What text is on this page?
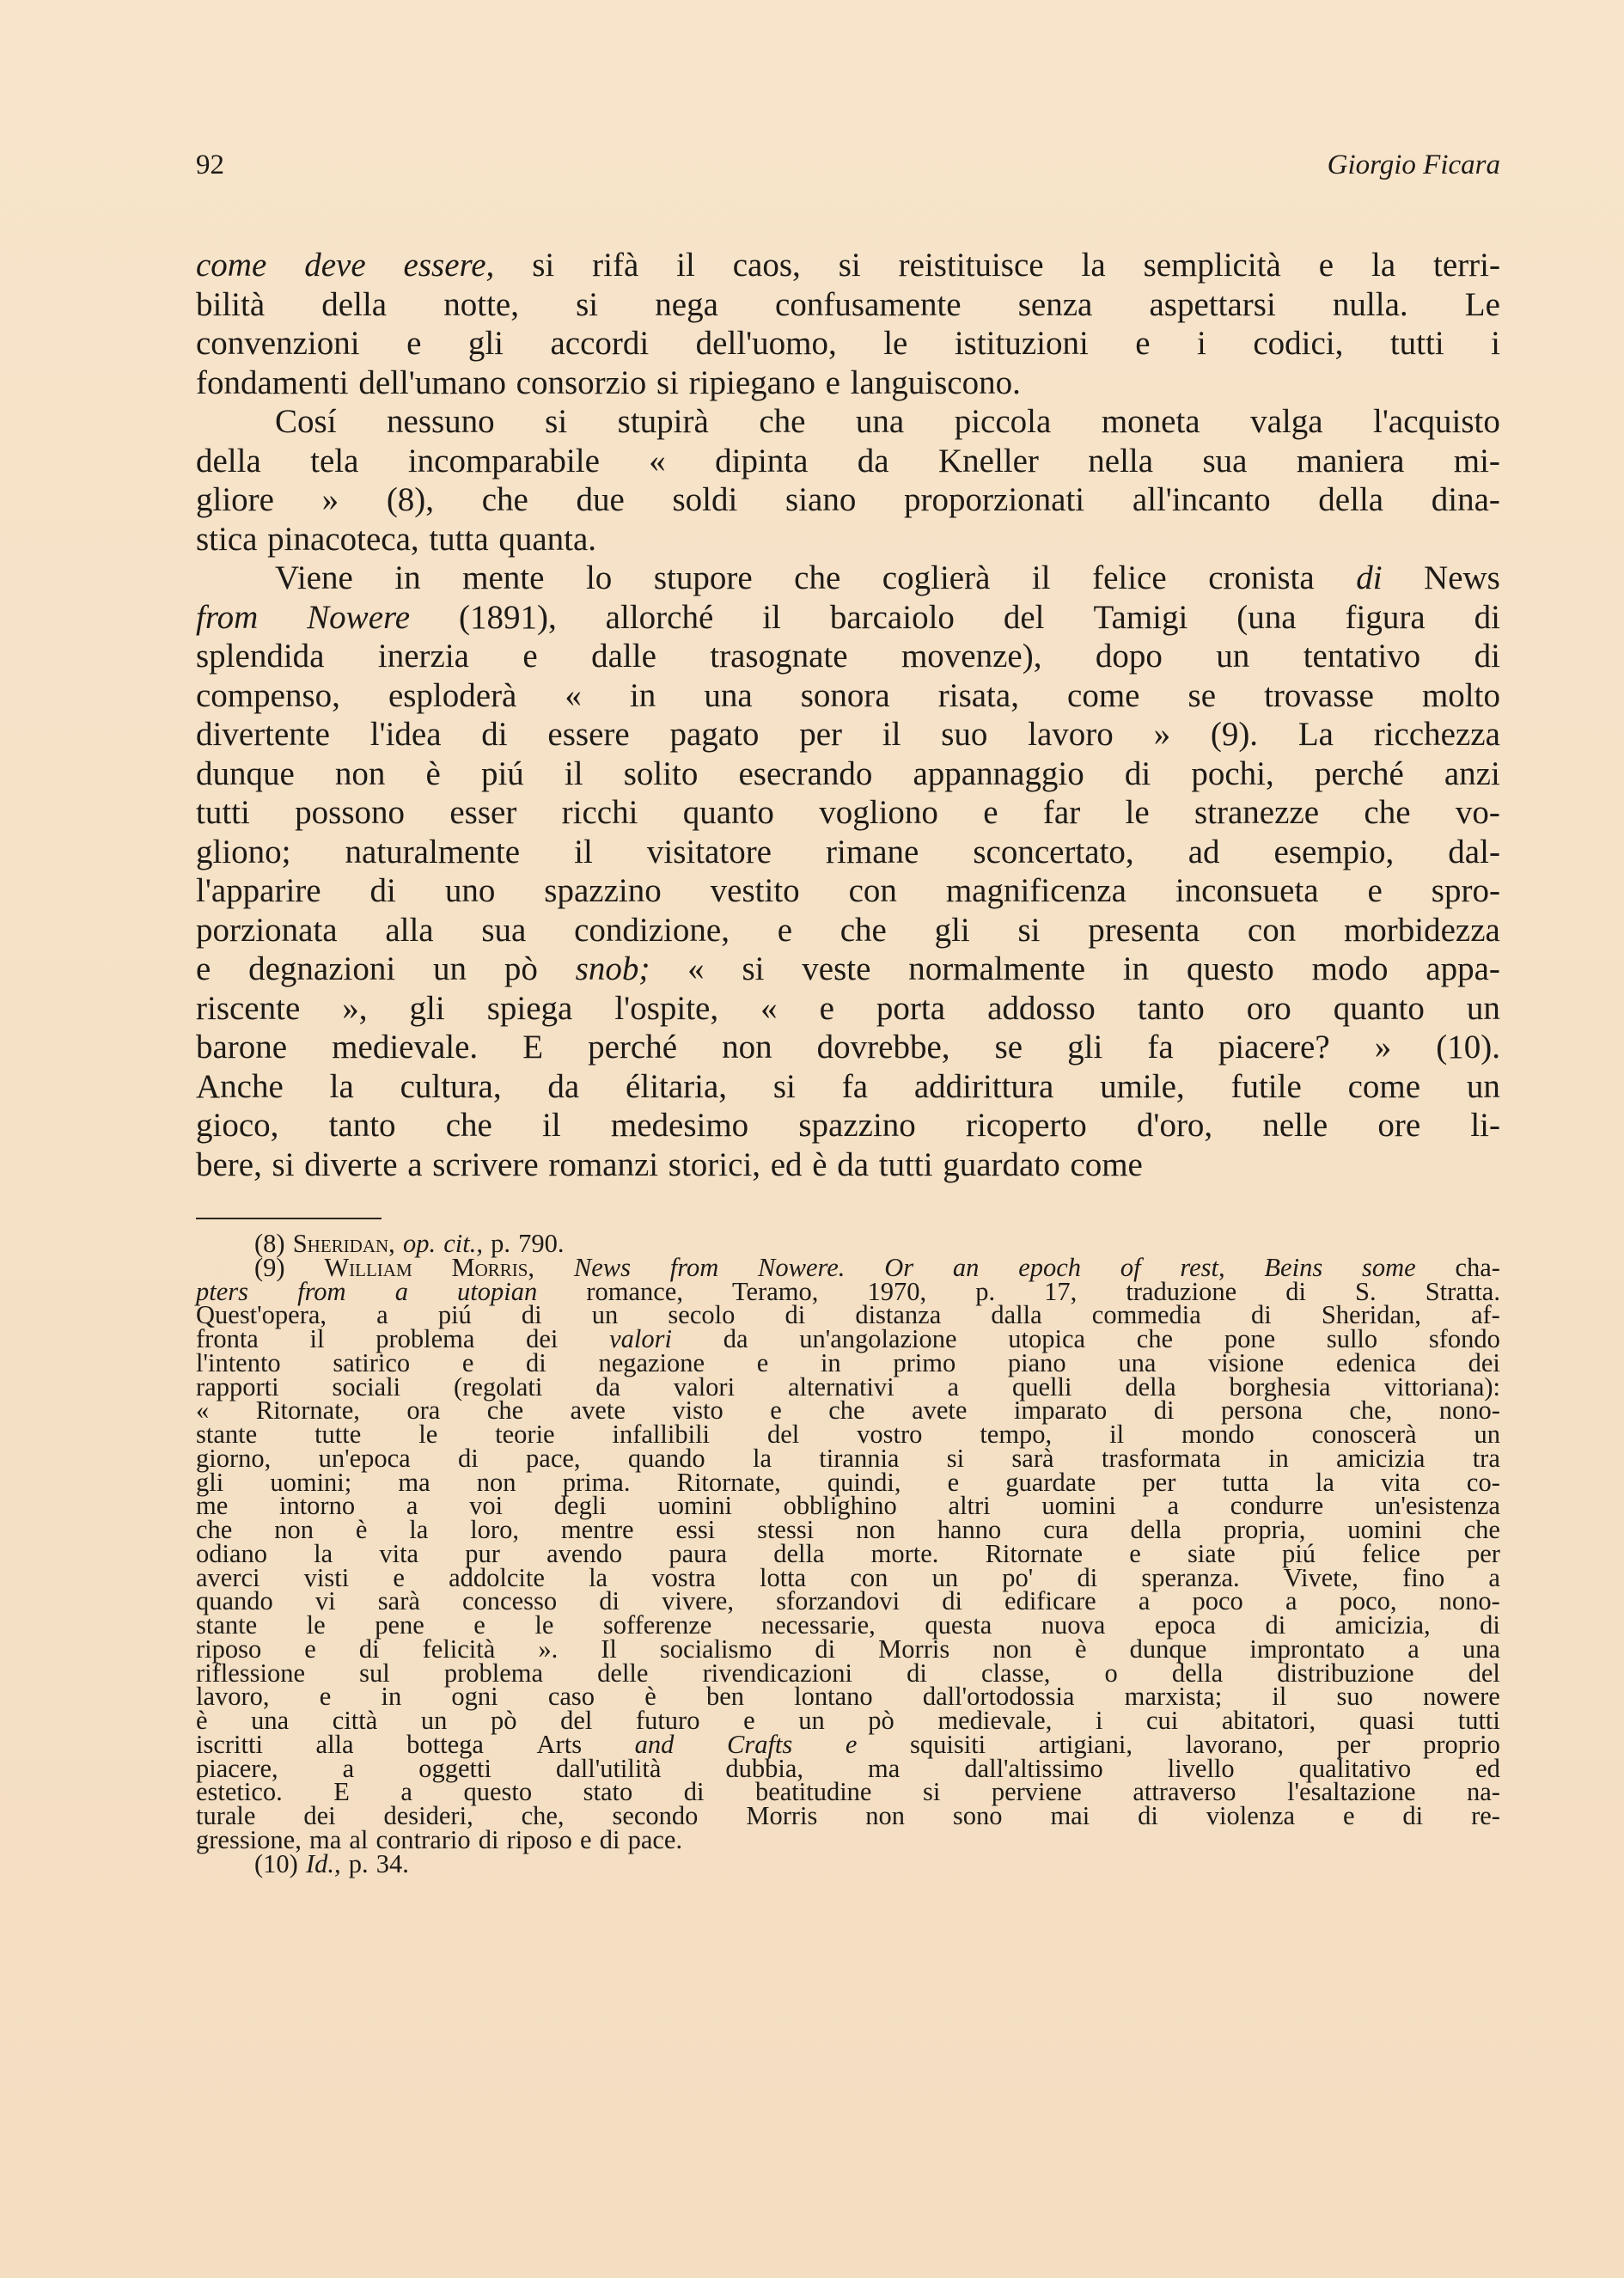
92	Giorgio Ficara
come deve essere, si rifà il caos, si reistituisce la semplicità e la terri-
bilità della notte, si nega confusamente senza aspettarsi nulla. Le
convenzioni e gli accordi dell'uomo, le istituzioni e i codici, tutti i
fondamenti dell'umano consorzio si ripiegano e languiscono.
Cosí nessuno si stupirà che una piccola moneta valga l'acquisto
della tela incomparabile « dipinta da Kneller nella sua maniera mi-
gliore » (8), che due soldi siano proporzionati all'incanto della dina-
stica pinacoteca, tutta quanta.
Viene in mente lo stupore che coglierà il felice cronista di News
from Nowere (1891), allorché il barcaiolo del Tamigi (una figura di
splendida inerzia e dalle trasognate movenze), dopo un tentativo di
compenso, esploderà « in una sonora risata, come se trovasse molto
divertente l'idea di essere pagato per il suo lavoro » (9). La ricchezza
dunque non è piú il solito esecrando appannaggio di pochi, perché anzi
tutti possono esser ricchi quanto vogliono e far le stranezze che vo-
gliono; naturalmente il visitatore rimane sconcertato, ad esempio, dal-
l'apparire di uno spazzino vestito con magnificenza inconsueta e spro-
porzionata alla sua condizione, e che gli si presenta con morbidezza
e degnazioni un pò snob; « si veste normalmente in questo modo appa-
riscente », gli spiega l'ospite, « e porta addosso tanto oro quanto un
barone medievale. E perché non dovrebbe, se gli fa piacere? » (10).
Anche la cultura, da élitaria, si fa addirittura umile, futile come un
gioco, tanto che il medesimo spazzino ricoperto d'oro, nelle ore li-
bere, si diverte a scrivere romanzi storici, ed è da tutti guardato come
(8) Sheridan, op. cit., p. 790.
(9) William Morris, News from Nowere. Or an epoch of rest, Beins some cha-
pters from a utopian romance, Teramo, 1970, p. 17, traduzione di S. Stratta.
Quest'opera, a piú di un secolo di distanza dalla commedia di Sheridan, af-
fronta il problema dei valori da un'angolazione utopica che pone sullo sfondo
l'intento satirico e di negazione e in primo piano una visione edenica dei
rapporti sociali (regolati da valori alternativi a quelli della borghesia vittoriana):
« Ritornate, ora che avete visto e che avete imparato di persona che, nono-
stante tutte le teorie infallibili del vostro tempo, il mondo conoscerà un
giorno, un'epoca di pace, quando la tirannia si sarà trasformata in amicizia tra
gli uomini; ma non prima. Ritornate, quindi, e guardate per tutta la vita co-
me intorno a voi degli uomini obblighino altri uomini a condurre un'esistenza
che non è la loro, mentre essi stessi non hanno cura della propria, uomini che
odiano la vita pur avendo paura della morte. Ritornate e siate piú felice per
averci visti e addolcite la vostra lotta con un po' di speranza. Vivete, fino a
quando vi sarà concesso di vivere, sforzandovi di edificare a poco a poco, nono-
stante le pene e le sofferenze necessarie, questa nuova epoca di amicizia, di
riposo e di felicità ». Il socialismo di Morris non è dunque improntato a una
riflessione sul problema delle rivendicazioni di classe, o della distribuzione del
lavoro, e in ogni caso è ben lontano dall'ortodossia marxista; il suo nowere
è una città un pò del futuro e un pò medievale, i cui abitatori, quasi tutti
iscritti alla bottega Arts and Crafts e squisiti artigiani, lavorano, per proprio
piacere, a oggetti dall'utilità dubbia, ma dall'altissimo livello qualitativo ed
estetico. E a questo stato di beatitudine si perviene attraverso l'esaltazione na-
turale dei desideri, che, secondo Morris non sono mai di violenza e di re-
gressione, ma al contrario di riposo e di pace.
(10) Id., p. 34.
